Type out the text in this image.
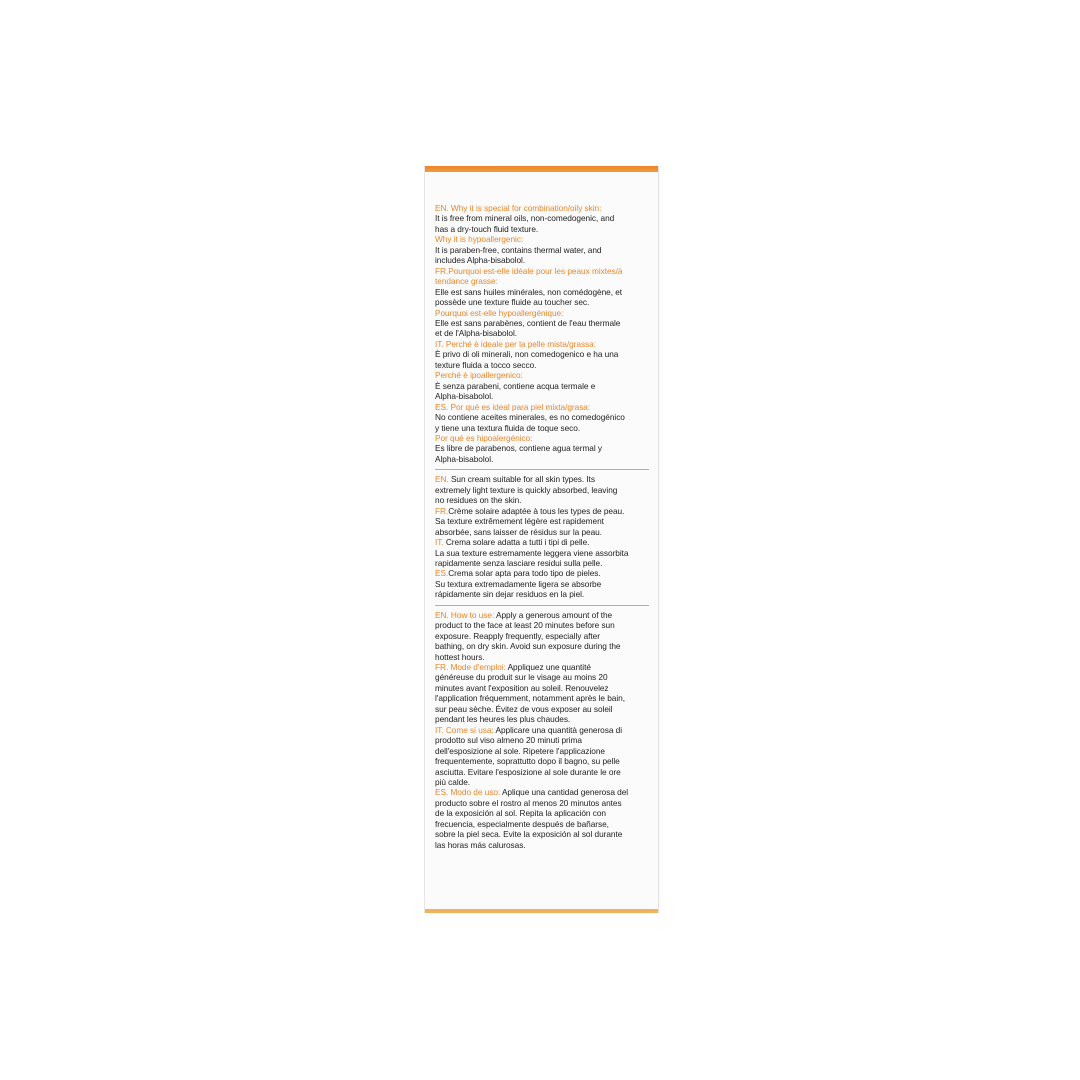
EN. Why it is special for combination/oily skin:

It is free from mineral oils, non-comedogenic, and

has a dry-touch fluid texture.

Why it is hypoallergenic:

It is paraben-free, contains thermal water, and

includes Alpha-bisabolol.

FR.Pourquoi est-elle idéale pour les peaux mixtes/à

tendance grasse:

Elle est sans huiles minérales, non comédogène, et

possède une texture fluide au toucher sec.

Pourquoi est-elle hypoallergénique:

Elle est sans parabènes, contient de l'eau thermale

et de l'Alpha-bisabolol.

IT. Perché è ideale per la pelle mista/grassa:

È privo di oli minerali, non comedogenico e ha una

texture fluida a tocco secco.

Perché è ipoallergenico:

È senza parabeni, contiene acqua termale e

Alpha-bisabolol.

ES. Por qué es ideal para piel mixta/grasa:

No contiene aceites minerales, es no comedogénico

y tiene una textura fluida de toque seco.

Por qué es hipoalergénico:

Es libre de parabenos, contiene agua termal y

Alpha-bisabolol.

EN. Sun cream suitable for all skin types. Its

extremely light texture is quickly absorbed, leaving

no residues on the skin.

FR.Crème solaire adaptée à tous les types de peau.

Sa texture extrêmement légère est rapidement

absorbée, sans laisser de résidus sur la peau.

IT. Crema solare adatta a tutti i tipi di pelle.

La sua texture estremamente leggera viene assorbita

rapidamente senza lasciare residui sulla pelle.

ES.Crema solar apta para todo tipo de pieles.

Su textura extremadamente ligera se absorbe

rápidamente sin dejar residuos en la piel.

EN. How to use: Apply a generous amount of the

product to the face at least 20 minutes before sun

exposure. Reapply frequently, especially after

bathing, on dry skin. Avoid sun exposure during the

hottest hours.

FR. Mode d'emploi: Appliquez une quantité

généreuse du produit sur le visage au moins 20

minutes avant l'exposition au soleil. Renouvelez

l'application fréquemment, notamment après le bain,

sur peau sèche. Évitez de vous exposer au soleil

pendant les heures les plus chaudes.

IT. Come si usa: Applicare una quantità generosa di

prodotto sul viso almeno 20 minuti prima

dell'esposizione al sole. Ripetere l'applicazione

frequentemente, soprattutto dopo il bagno, su pelle

asciutta. Evitare l'esposizione al sole durante le ore

più calde.

ES. Modo de uso: Aplique una cantidad generosa del

producto sobre el rostro al menos 20 minutos antes

de la exposición al sol. Repita la aplicación con

frecuencia, especialmente después de bañarse,

sobre la piel seca. Evite la exposición al sol durante

las horas más calurosas.
